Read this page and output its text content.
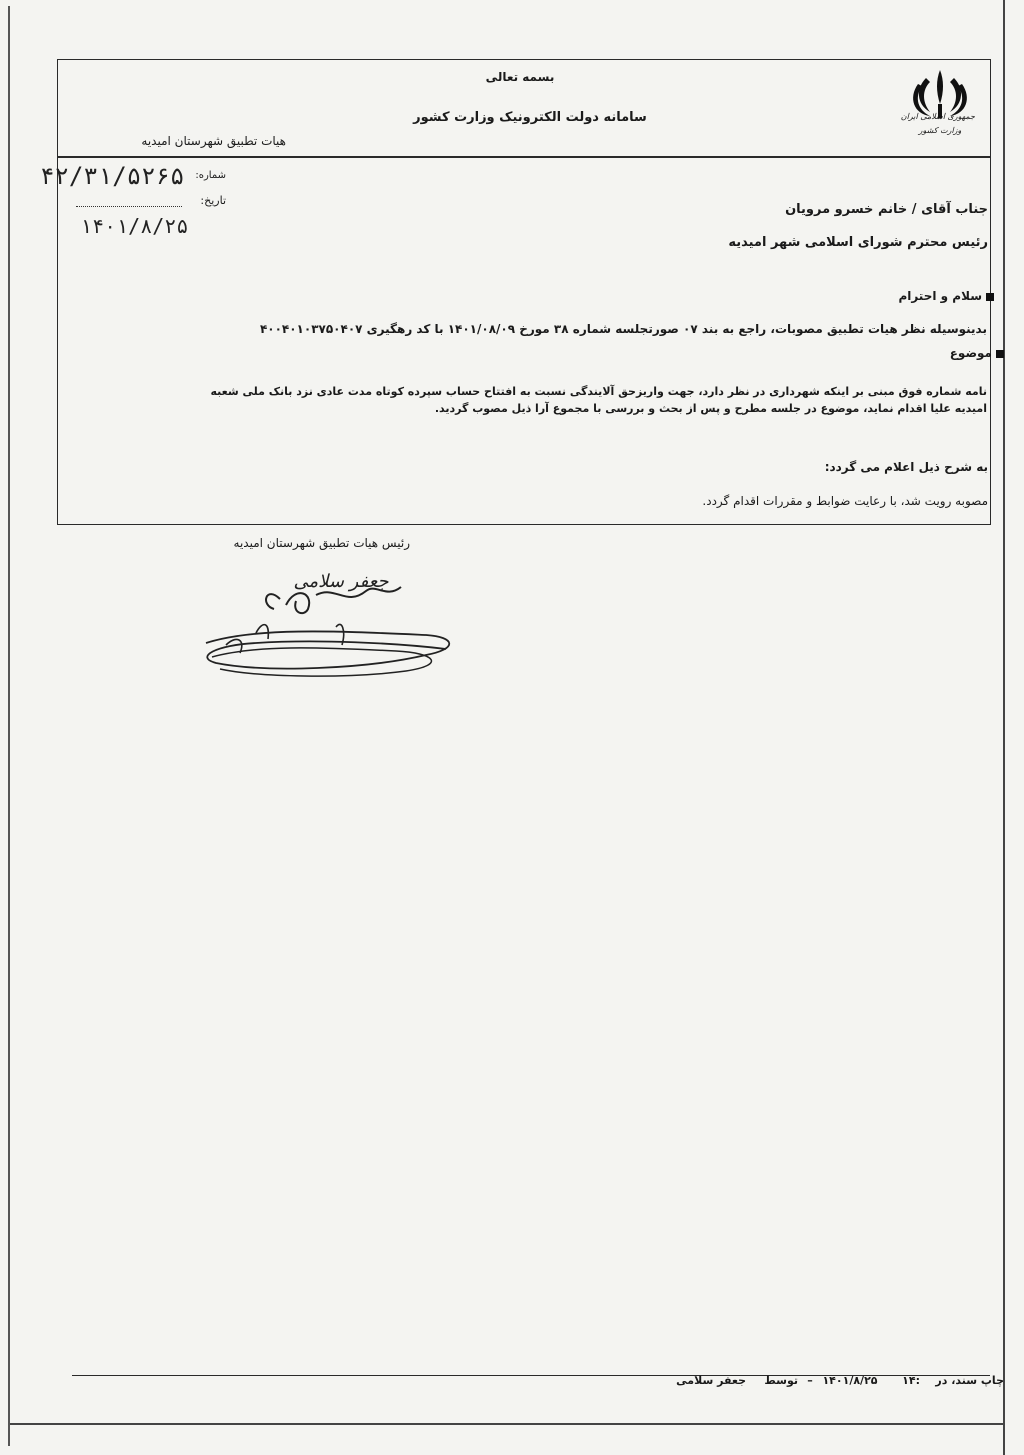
جمهوری اسلامی ایران
وزارت کشور
بسمه تعالی
سامانه دولت الکترونیک وزارت کشور
هیات تطبیق شهرستان امیدیه
۴۲/۳۱/۵۲۶۵	شماره:
تاریخ:
۱۴۰۱/۸/۲۵
جناب آقای / خانم خسرو مرویان
رئیس محترم شورای اسلامی شهر امیدیه
سلام و احترام
بدینوسیله نظر هیات تطبیق مصوبات، راجع به بند ۰۷ صورتجلسه شماره ۳۸ مورخ ۱۴۰۱/۰۸/۰۹ با کد رهگیری ۴۰۰۴۰۱۰۳۷۵۰۴۰۷
موضوع
نامه شماره فوق مبنی بر اینکه شهرداری در نظر دارد، جهت واریزحق آلایندگی نسبت به افتتاح حساب سپرده کوتاه مدت عادی نزد بانک ملی شعبه
امیدیه علیا اقدام نماید، موضوع در جلسه مطرح و پس از بحث و بررسی با مجموع آرا ذیل مصوب گردید.
به شرح ذیل اعلام می گردد:
مصوبه رویت شد، با رعایت ضوابط و مقررات اقدام گردد.
رئیس هیات تطبیق شهرستان امیدیه
جعفر سلامی
چاپ سند، در
۱۴:
۱۴۰۱/۸/۲۵
–
توسط
جعفر سلامی
